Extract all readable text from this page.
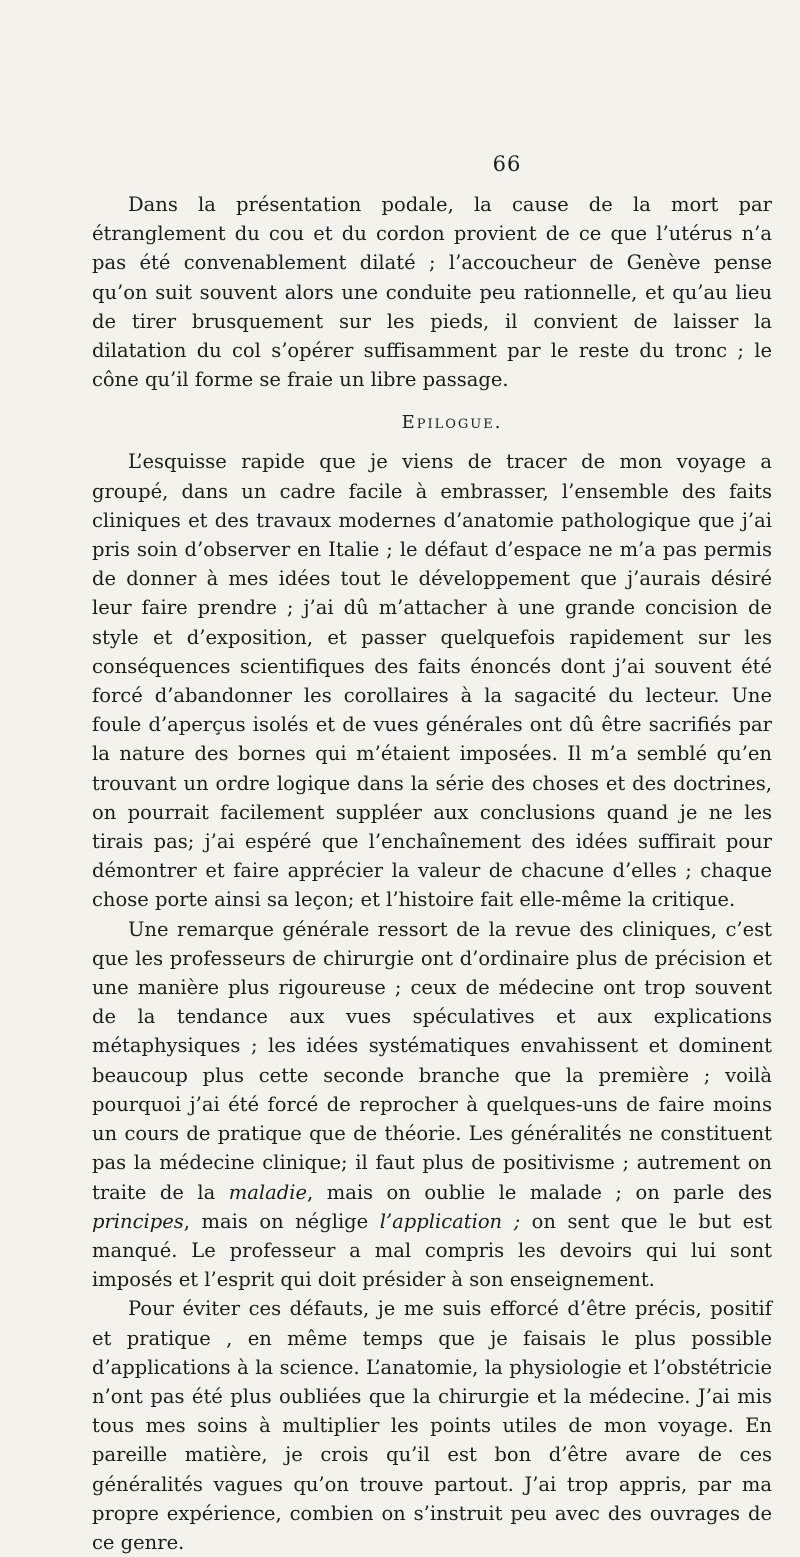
66

Dans la présentation podale, la cause de la mort par étranglement du cou et du cordon provient de ce que l’utérus n’a pas été convenablement dilaté ; l’accoucheur de Genève pense qu’on suit souvent alors une conduite peu rationnelle, et qu’au lieu de tirer brusquement sur les pieds, il convient de laisser la dilatation du col s’opérer suffisamment par le reste du tronc ; le cône qu’il forme se fraie un libre passage.

Epilogue.

L’esquisse rapide que je viens de tracer de mon voyage a groupé, dans un cadre facile à embrasser, l’ensemble des faits cliniques et des travaux modernes d’anatomie pathologique que j’ai pris soin d’observer en Italie ; le défaut d’espace ne m’a pas permis de donner à mes idées tout le développement que j’aurais désiré leur faire prendre ; j’ai dû m’attacher à une grande concision de style et d’exposition, et passer quelquefois rapidement sur les conséquences scientifiques des faits énoncés dont j’ai souvent été forcé d’abandonner les corollaires à la sagacité du lecteur. Une foule d’aperçus isolés et de vues générales ont dû être sacrifiés par la nature des bornes qui m’étaient imposées. Il m’a semblé qu’en trouvant un ordre logique dans la série des choses et des doctrines, on pourrait facilement suppléer aux conclusions quand je ne les tirais pas; j’ai espéré que l’enchaînement des idées suffirait pour démontrer et faire apprécier la valeur de chacune d’elles ; chaque chose porte ainsi sa leçon; et l’histoire fait elle-même la critique.

Une remarque générale ressort de la revue des cliniques, c’est que les professeurs de chirurgie ont d’ordinaire plus de précision et une manière plus rigoureuse ; ceux de médecine ont trop souvent de la tendance aux vues spéculatives et aux explications métaphysiques ; les idées systématiques envahissent et dominent beaucoup plus cette seconde branche que la première ; voilà pourquoi j’ai été forcé de reprocher à quelques-uns de faire moins un cours de pratique que de théorie. Les généralités ne constituent pas la médecine clinique; il faut plus de positivisme ; autrement on traite de la maladie, mais on oublie le malade ; on parle des principes, mais on néglige l’application ; on sent que le but est manqué. Le professeur a mal compris les devoirs qui lui sont imposés et l’esprit qui doit présider à son enseignement.

Pour éviter ces défauts, je me suis efforcé d’être précis, positif et pratique , en même temps que je faisais le plus possible d’applications à la science. L’anatomie, la physiologie et l’obstétricie n’ont pas été plus oubliées que la chirurgie et la médecine. J’ai mis tous mes soins à multiplier les points utiles de mon voyage. En pareille matière, je crois qu’il est bon d’être avare de ces généralités vagues qu’on trouve partout. J’ai trop appris, par ma propre expérience, combien on s’instruit peu avec des ouvrages de ce genre.
